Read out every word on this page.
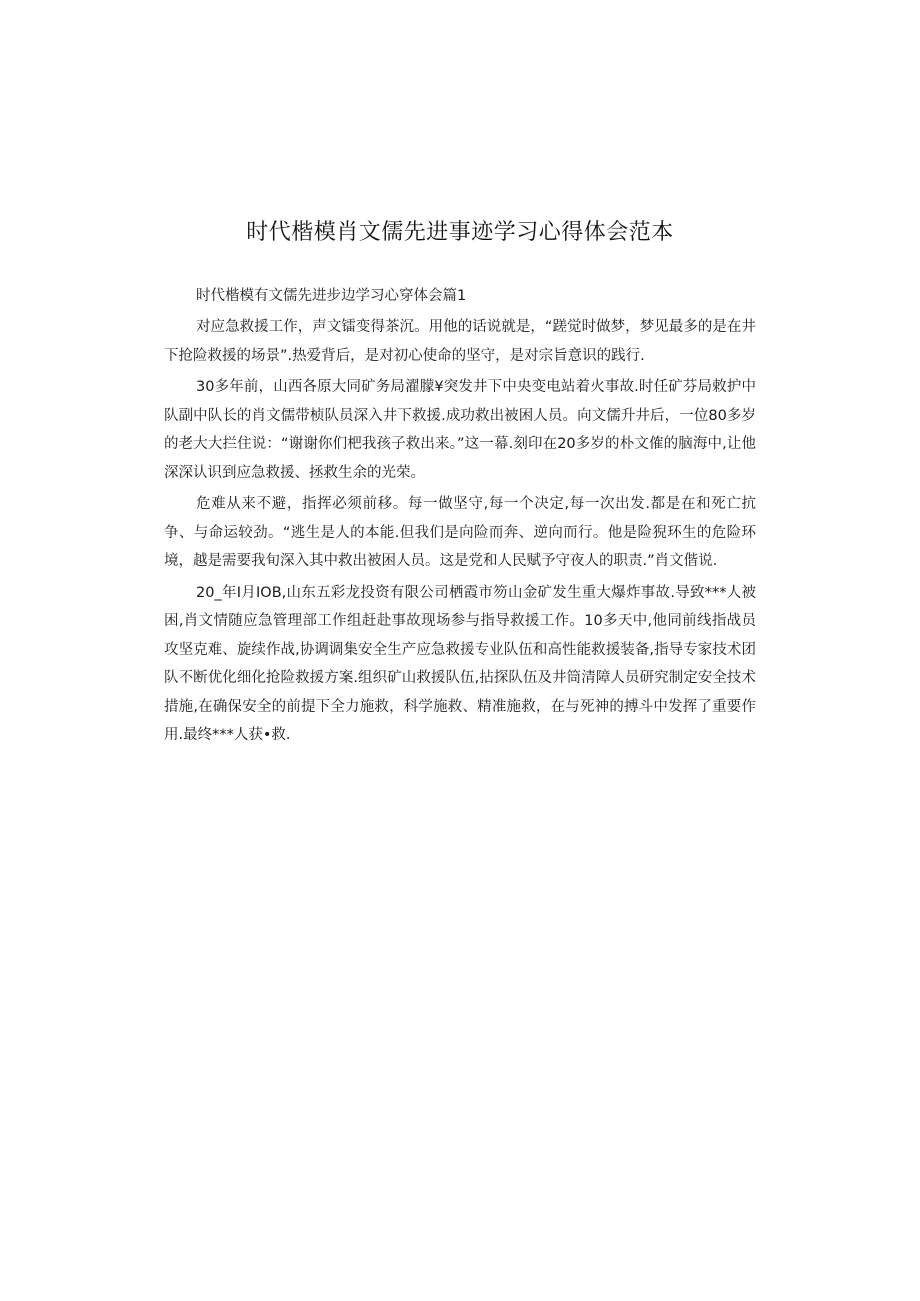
时代楷模肖文儒先进事迹学习心得体会范本

时代楷模有文儒先进步边学习心穿体会篇1

对应急救援工作，声文镭变得茶沉。用他的话说就是，“蹉觉时做梦，梦见最多的是在井下抢险救援的场景”.热爱背后，是对初心使命的坚守，是对宗旨意识的践行.

30多年前，山西各原大同矿务局濯朦¥突发井下中央变电站着火事故.时任矿芬局敕护中队副中队长的肖文儒带桢队员深入井下救援.成功救出被困人员。向文儒升井后，一位80多岁的老大大拦住说：“谢谢你们杷我孩子救出来。”这一幕.刻印在20多岁的朴文傕的脑海中,让他深深认识到应急救援、拯救生余的光荣。

危难从来不避，指挥必须前移。每一做坚守,每一个决定,每一次出发.都是在和死亡抗争、与命运较劲。“逃生是人的本能.但我们是向险而奔、逆向而行。他是险猊环生的危险环境，越是需要我旬深入其中救出被困人员。这是党和人民赋予守夜人的职责.”肖文偕说.

20_年I月IOB,山东五彩龙投资有限公司栖霞市笏山金矿发生重大爆炸事故.导致***人被困,肖文情随应急管理部工作组赶赴事故现场参与指导救援工作。10多天中,他同前线指战员攻坚克难、旋续作战,协调调集安全生产应急救援专业队伍和高性能救援装备,指导专家技术团队不断优化细化抢险救援方案.组织矿山救援队伍,拈探队伍及井筒清障人员研究制定安全技术措施,在确保安全的前提下全力施救，科学施救、精准施救，在与死神的搏斗中发挥了重要作用.最终***人获•救.
